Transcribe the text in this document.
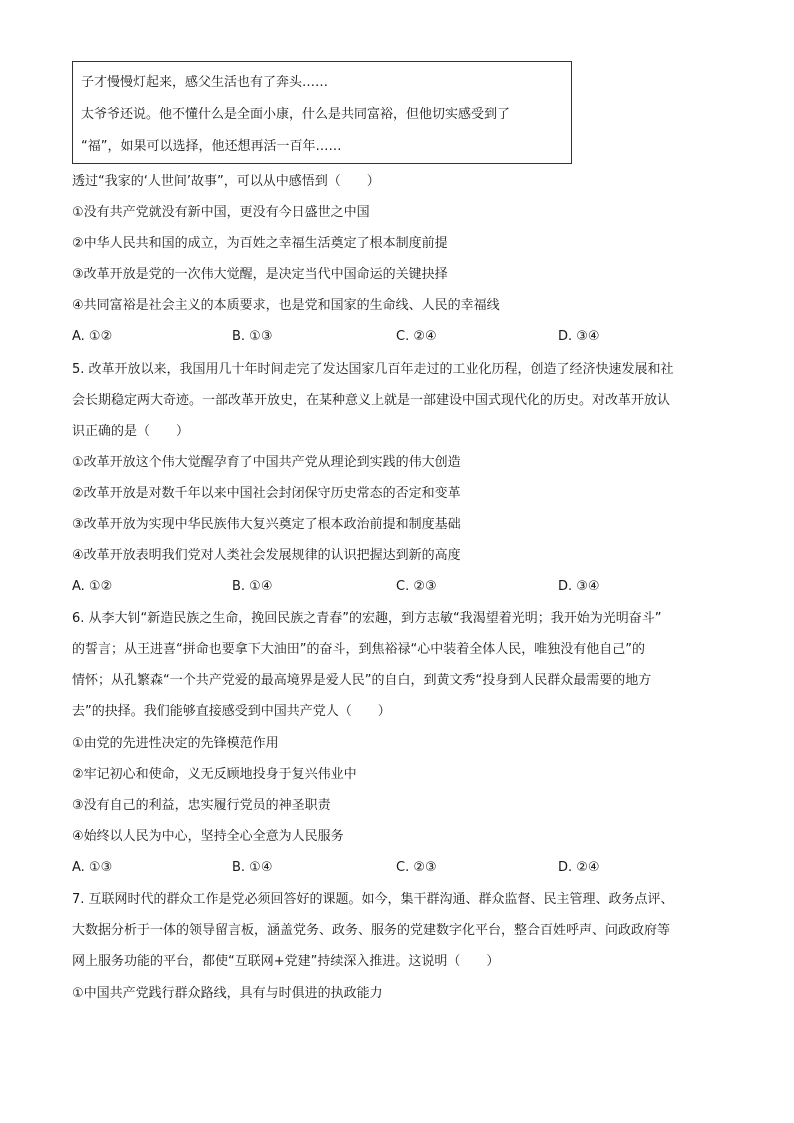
子才慢慢灯起来，感父生活也有了奔头……
太爷爷还说。他不懂什么是全面小康，什么是共同富裕，但他切实感受到了
“福”，如果可以选择，他还想再活一百年……
透过“我家的‘人世间’故事”，可以从中感悟到（　　）
①没有共产党就没有新中国，更没有今日盛世之中国
②中华人民共和国的成立，为百姓之幸福生活奠定了根本制度前提
③改革开放是党的一次伟大觉醒，是决定当代中国命运的关键抉择
④共同富裕是社会主义的本质要求，也是党和国家的生命线、人民的幸福线
A. ①②	B. ①③	C. ②④	D. ③④
5. 改革开放以来，我国用几十年时间走完了发达国家几百年走过的工业化历程，创造了经济快速发展和社
会长期稳定两大奇迹。一部改革开放史，在某种意义上就是一部建设中国式现代化的历史。对改革开放认
识正确的是（　　）
①改革开放这个伟大觉醒孕育了中国共产党从理论到实践的伟大创造
②改革开放是对数千年以来中国社会封闭保守历史常态的否定和变革
③改革开放为实现中华民族伟大复兴奠定了根本政治前提和制度基础
④改革开放表明我们党对人类社会发展规律的认识把握达到新的高度
A. ①②	B. ①④	C. ②③	D. ③④
6. 从李大钊“新造民族之生命，挽回民族之青春”的宏趣，到方志敏“我渴望着光明；我开始为光明奋斗”
的誓言；从王进喜“拼命也要拿下大油田”的奋斗，到焦裕禄“心中装着全体人民，唯独没有他自己”的
情怀；从孔繁森“一个共产党爱的最高境界是爱人民”的自白，到黄文秀“投身到人民群众最需要的地方
去”的抉择。我们能够直接感受到中国共产党人（　　）
①由党的先进性决定的先锋模范作用
②牢记初心和使命，义无反顾地投身于复兴伟业中
③没有自己的利益，忠实履行党员的神圣职责
④始终以人民为中心，坚持全心全意为人民服务
A. ①③	B. ①④	C. ②③	D. ②④
7. 互联网时代的群众工作是党必须回答好的课题。如今，集干群沟通、群众监督、民主管理、政务点评、
大数据分析于一体的领导留言板，涵盖党务、政务、服务的党建数字化平台，整合百姓呼声、问政政府等
网上服务功能的平台，都使“互联网+党建”持续深入推进。这说明（　　）
①中国共产党践行群众路线，具有与时俱进的执政能力
